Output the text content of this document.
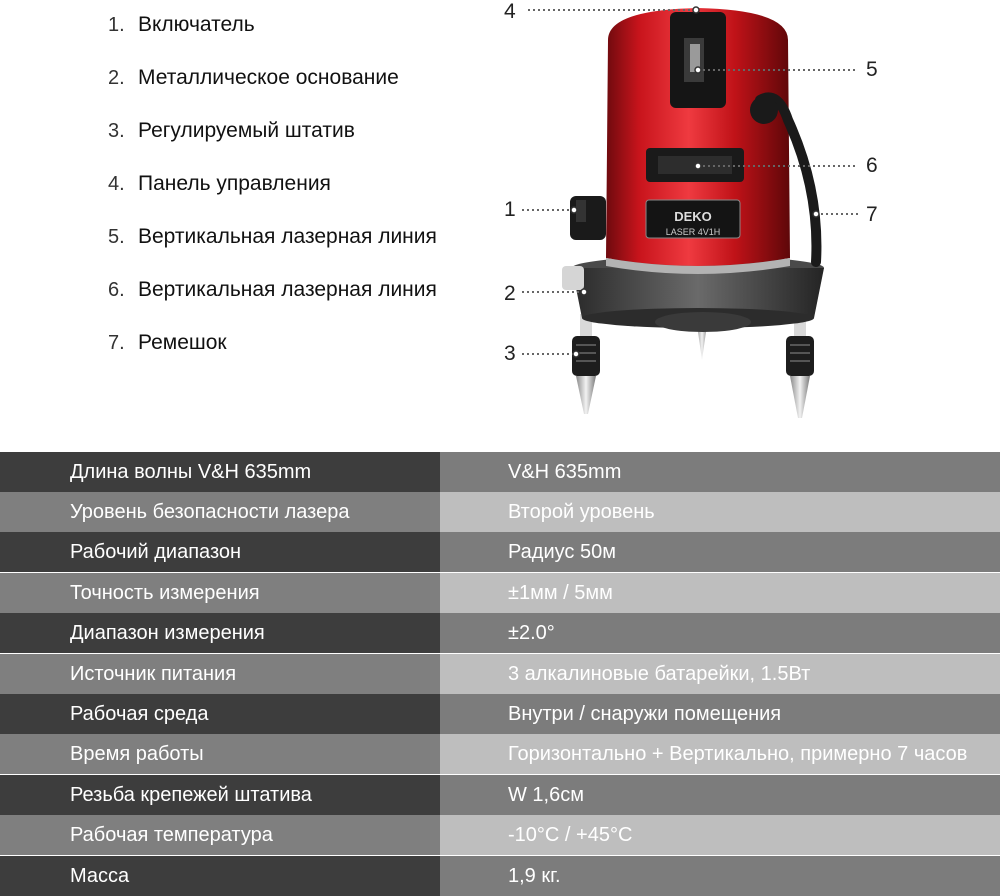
1. Включатель
2. Металлическое основание
3. Регулируемый штатив
4. Панель управления
5. Вертикальная лазерная линия
6. Вертикальная лазерная линия
7. Ремешок
DEKO
LASER 4V1H
4
5
6
7
1
2
3
Длина волны V&H 635mm	V&H 635mm
Уровень безопасности лазера	Второй уровень
Рабочий диапазон	Радиус 50м
Точность измерения	±1мм / 5мм
Диапазон измерения	±2.0°
Источник питания	3 алкалиновые батарейки, 1.5Вт
Рабочая среда	Внутри / снаружи помещения
Время работы	Горизонтально + Вертикально, примерно 7 часов
Резьба крепежей штатива	W 1,6см
Рабочая температура	-10°C / +45°C
Масса	1,9 кг.
